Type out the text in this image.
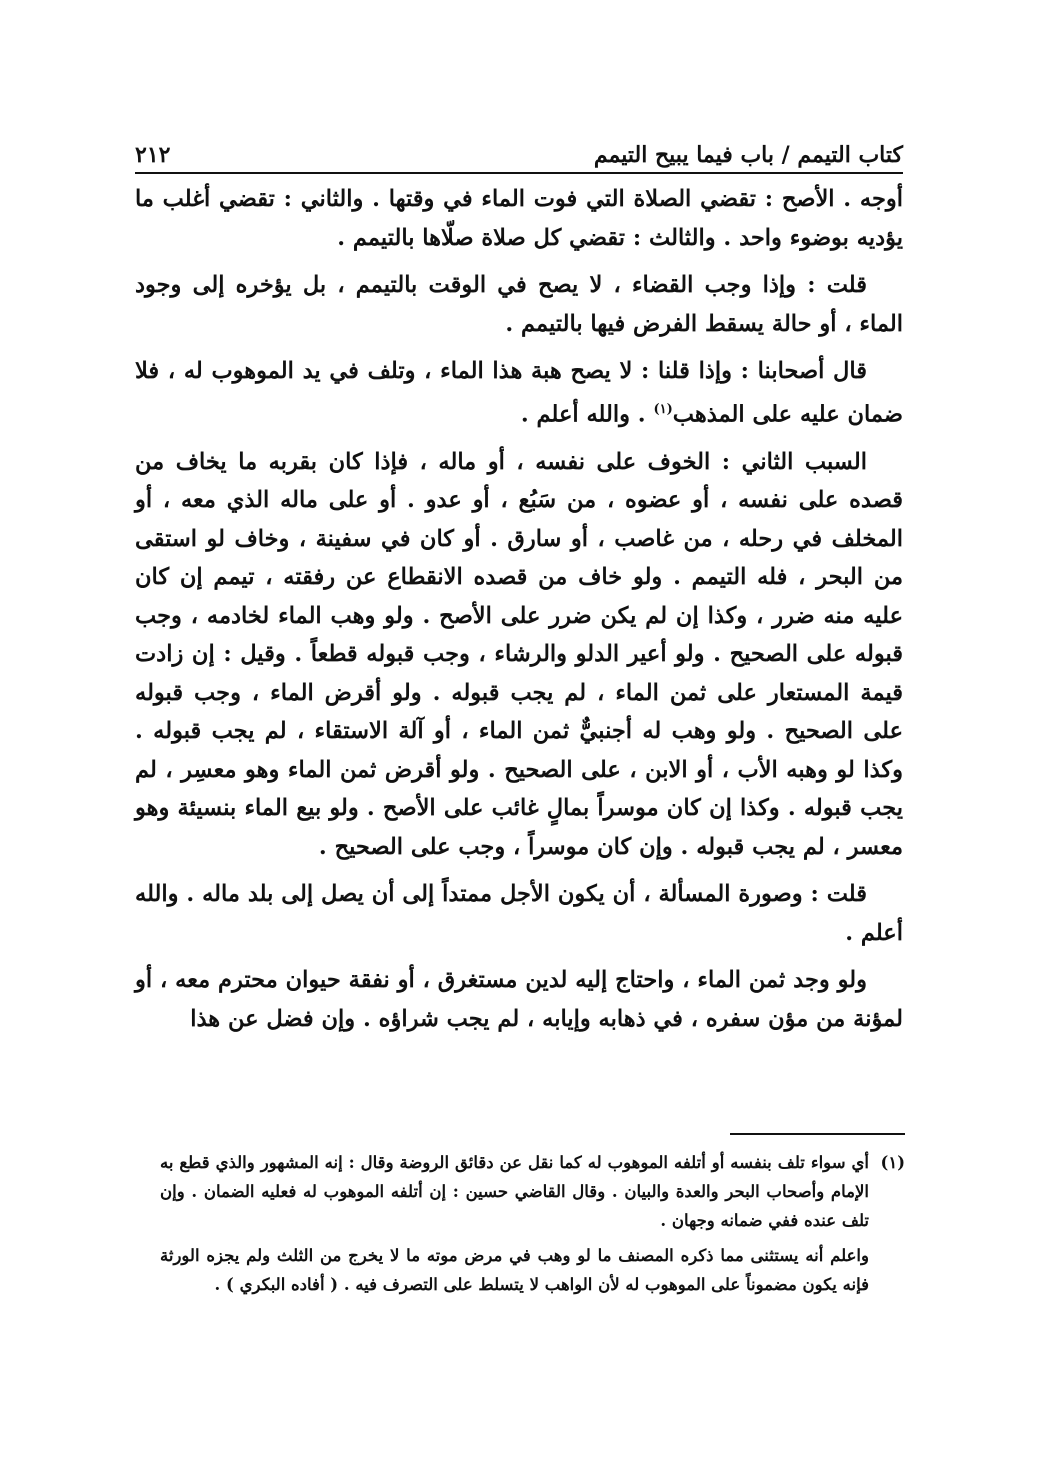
كتاب التيمم / باب فيما يبيح التيمم
٢١٢

أوجه . الأصح : تقضي الصلاة التي فوت الماء في وقتها . والثاني : تقضي أغلب ما يؤديه بوضوء واحد . والثالث : تقضي كل صلاة صلّاها بالتيمم .

قلت : وإذا وجب القضاء ، لا يصح في الوقت بالتيمم ، بل يؤخره إلى وجود الماء ، أو حالة يسقط الفرض فيها بالتيمم .

قال أصحابنا : وإذا قلنا : لا يصح هبة هذا الماء ، وتلف في يد الموهوب له ، فلا ضمان عليه على المذهب$^{(١)}$ . والله أعلم .

السبب الثاني : الخوف على نفسه ، أو ماله ، فإذا كان بقربه ما يخاف من قصده على نفسه ، أو عضوه ، من سَبُع ، أو عدو . أو على ماله الذي معه ، أو المخلف في رحله ، من غاصب ، أو سارق . أو كان في سفينة ، وخاف لو استقى من البحر ، فله التيمم . ولو خاف من قصده الانقطاع عن رفقته ، تيمم إن كان عليه منه ضرر ، وكذا إن لم يكن ضرر على الأصح . ولو وهب الماء لخادمه ، وجب قبوله على الصحيح . ولو أعير الدلو والرشاء ، وجب قبوله قطعاً . وقيل : إن زادت قيمة المستعار على ثمن الماء ، لم يجب قبوله . ولو أقرض الماء ، وجب قبوله على الصحيح . ولو وهب له أجنبيٌّ ثمن الماء ، أو آلة الاستقاء ، لم يجب قبوله . وكذا لو وهبه الأب ، أو الابن ، على الصحيح . ولو أقرض ثمن الماء وهو معسِر ، لم يجب قبوله . وكذا إن كان موسراً بمالٍ غائب على الأصح . ولو بيع الماء بنسيئة وهو معسر ، لم يجب قبوله . وإن كان موسراً ، وجب على الصحيح .

قلت : وصورة المسألة ، أن يكون الأجل ممتداً إلى أن يصل إلى بلد ماله . والله أعلم .

ولو وجد ثمن الماء ، واحتاج إليه لدين مستغرق ، أو نفقة حيوان محترم معه ، أو لمؤنة من مؤن سفره ، في ذهابه وإيابه ، لم يجب شراؤه . وإن فضل عن هذا

(١)
أي سواء تلف بنفسه أو أتلفه الموهوب له كما نقل عن دقائق الروضة وقال : إنه المشهور والذي قطع به الإمام وأصحاب البحر والعدة والبيان . وقال القاضي حسين : إن أتلفه الموهوب له فعليه الضمان . وإن تلف عنده ففي ضمانه وجهان .

واعلم أنه يستثنى مما ذكره المصنف ما لو وهب في مرض موته ما لا يخرج من الثلث ولم يجزه الورثة فإنه يكون مضموناً على الموهوب له لأن الواهب لا يتسلط على التصرف فيه . ( أفاده البكري ) .
